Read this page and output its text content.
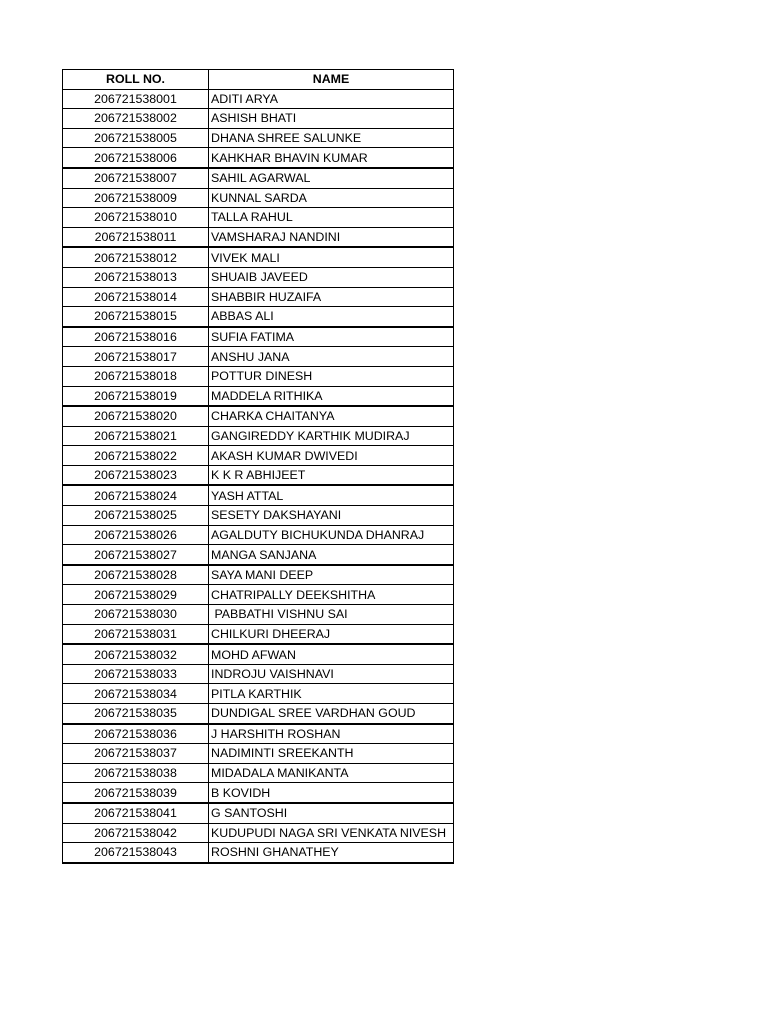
ROLL NO.	NAME
206721538001	ADITI ARYA
206721538002	ASHISH BHATI
206721538005	DHANA SHREE SALUNKE
206721538006	KAHKHAR BHAVIN KUMAR
206721538007	SAHIL AGARWAL
206721538009	KUNNAL SARDA
206721538010	TALLA RAHUL
206721538011	VAMSHARAJ NANDINI
206721538012	VIVEK MALI
206721538013	SHUAIB JAVEED
206721538014	SHABBIR HUZAIFA
206721538015	ABBAS ALI
206721538016	SUFIA FATIMA
206721538017	ANSHU JANA
206721538018	POTTUR DINESH
206721538019	MADDELA RITHIKA
206721538020	CHARKA CHAITANYA
206721538021	GANGIREDDY KARTHIK MUDIRAJ
206721538022	AKASH KUMAR DWIVEDI
206721538023	K K R ABHIJEET
206721538024	YASH ATTAL
206721538025	SESETY DAKSHAYANI
206721538026	AGALDUTY BICHUKUNDA DHANRAJ
206721538027	MANGA SANJANA
206721538028	SAYA MANI DEEP
206721538029	CHATRIPALLY DEEKSHITHA
206721538030	PABBATHI VISHNU SAI
206721538031	CHILKURI DHEERAJ
206721538032	MOHD AFWAN
206721538033	INDROJU VAISHNAVI
206721538034	PITLA KARTHIK
206721538035	DUNDIGAL SREE VARDHAN GOUD
206721538036	J HARSHITH ROSHAN
206721538037	NADIMINTI SREEKANTH
206721538038	MIDADALA MANIKANTA
206721538039	B KOVIDH
206721538041	G SANTOSHI
206721538042	KUDUPUDI NAGA SRI VENKATA NIVESH
206721538043	ROSHNI GHANATHEY
